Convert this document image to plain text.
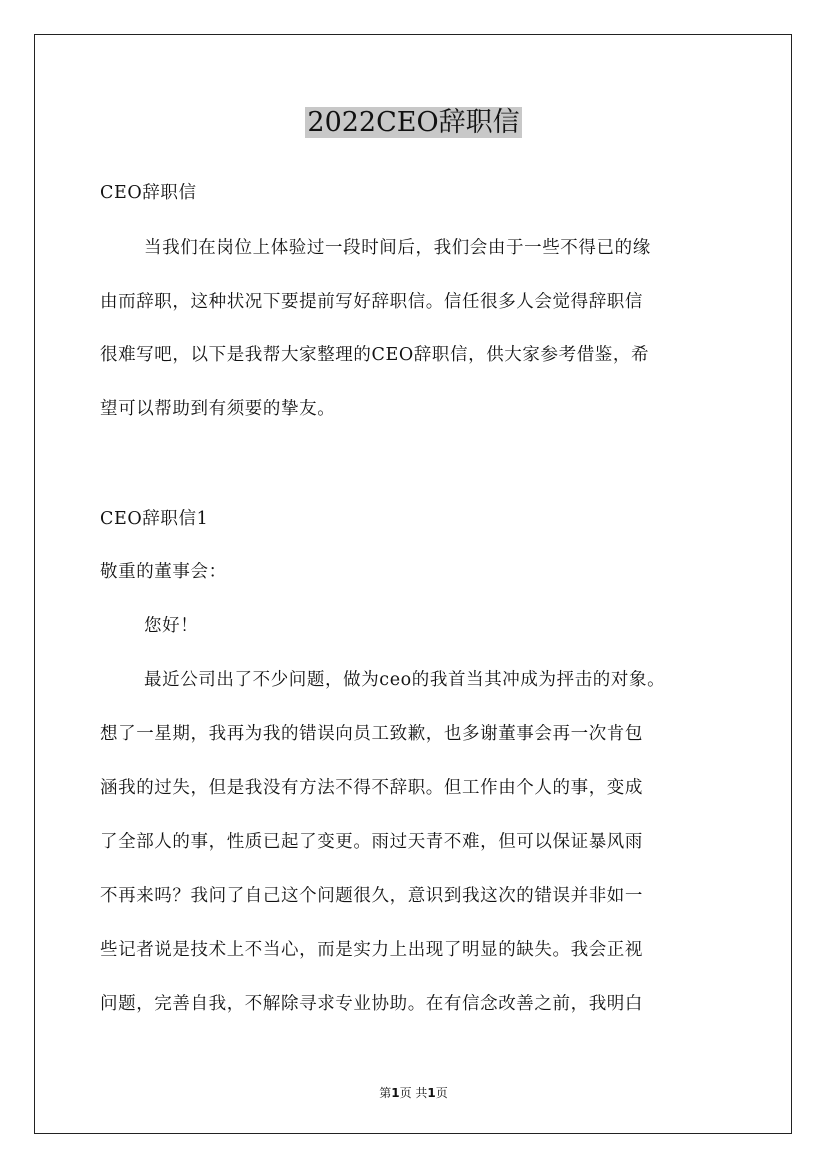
2022CEO辞职信
CEO辞职信
当我们在岗位上体验过一段时间后，我们会由于一些不得已的缘
由而辞职，这种状况下要提前写好辞职信。信任很多人会觉得辞职信
很难写吧，以下是我帮大家整理的CEO辞职信，供大家参考借鉴，希
望可以帮助到有须要的挚友。
CEO辞职信1
敬重的董事会：
您好！
最近公司出了不少问题，做为ceo的我首当其冲成为抨击的对象。
想了一星期，我再为我的错误向员工致歉，也多谢董事会再一次肯包
涵我的过失，但是我没有方法不得不辞职。但工作由个人的事，变成
了全部人的事，性质已起了变更。雨过天青不难，但可以保证暴风雨
不再来吗？我问了自己这个问题很久，意识到我这次的错误并非如一
些记者说是技术上不当心，而是实力上出现了明显的缺失。我会正视
问题，完善自我，不解除寻求专业协助。在有信念改善之前，我明白
第1页 共1页
